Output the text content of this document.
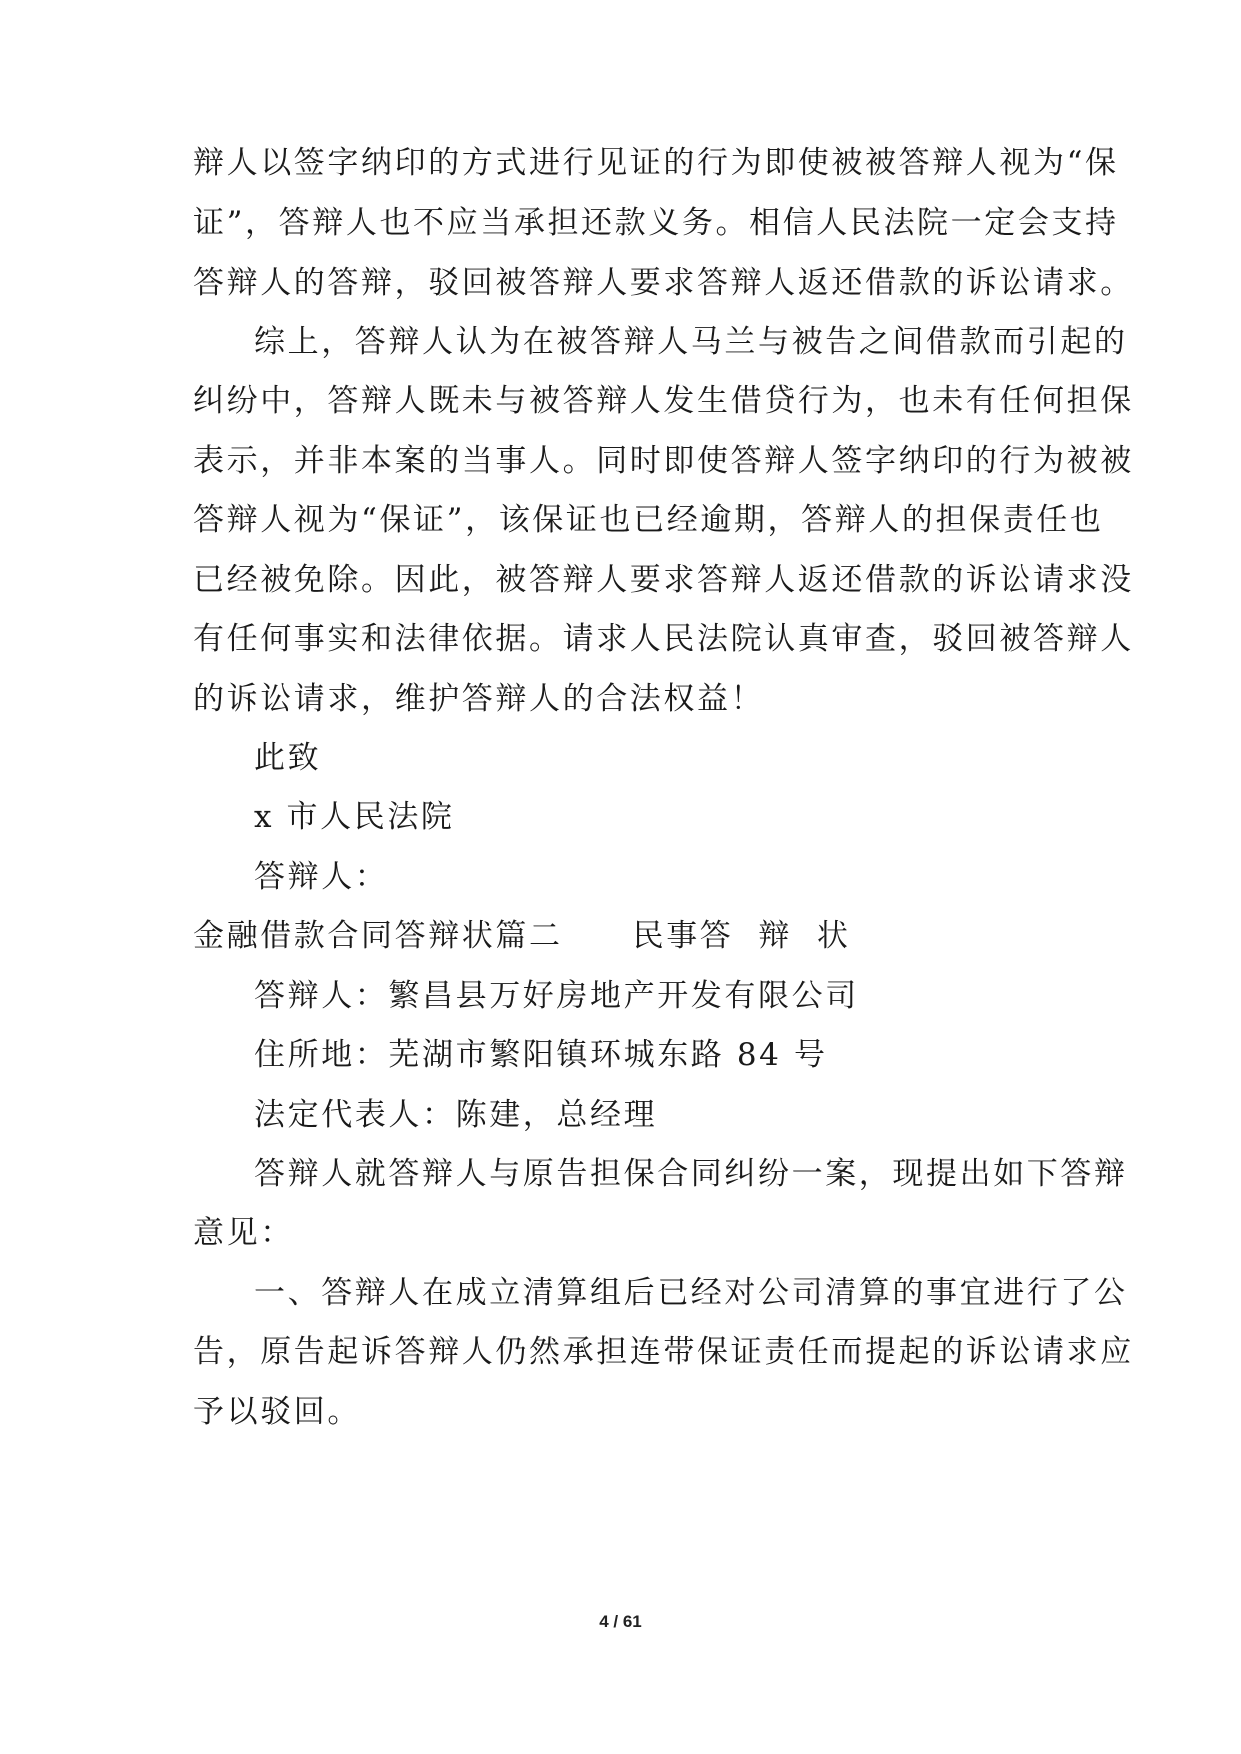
辩人以签字纳印的方式进行见证的行为即使被被答辩人视为“保
证”，答辩人也不应当承担还款义务。相信人民法院一定会支持
答辩人的答辩，驳回被答辩人要求答辩人返还借款的诉讼请求。
综上，答辩人认为在被答辩人马兰与被告之间借款而引起的
纠纷中，答辩人既未与被答辩人发生借贷行为，也未有任何担保
表示，并非本案的当事人。同时即使答辩人签字纳印的行为被被
答辩人视为“保证”，该保证也已经逾期，答辩人的担保责任也
已经被免除。因此，被答辩人要求答辩人返还借款的诉讼请求没
有任何事实和法律依据。请求人民法院认真审查，驳回被答辩人
的诉讼请求，维护答辩人的合法权益！
此致
x 市人民法院
答辩人：
金融借款合同答辩状篇二 民事答  辩  状
答辩人：繁昌县万好房地产开发有限公司
住所地：芜湖市繁阳镇环城东路 84 号
法定代表人：陈建，总经理
答辩人就答辩人与原告担保合同纠纷一案，现提出如下答辩
意见：
一、答辩人在成立清算组后已经对公司清算的事宜进行了公
告，原告起诉答辩人仍然承担连带保证责任而提起的诉讼请求应
予以驳回。
4 / 61
